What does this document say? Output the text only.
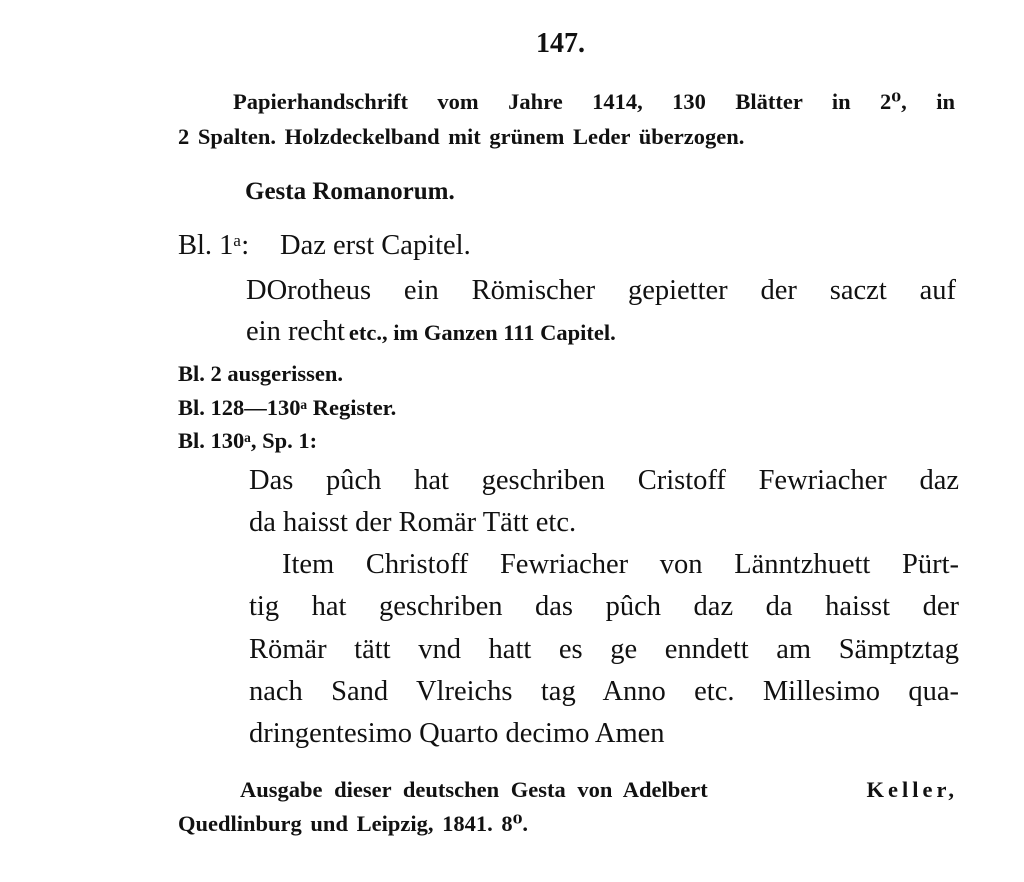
147.
Papierhandschrift vom Jahre 1414, 130 Blätter in 2⁰, in
2 Spalten. Holzdeckelband mit grünem Leder überzogen.
Gesta Romanorum.
Bl. 1ᵃ: Daz erst Capitel.
DOrotheus ein Römischer gepietter der saczt auf
ein recht etc., im Ganzen 111 Capitel.
Bl. 2 ausgerissen.
Bl. 128—130ᵃ Register.
Bl. 130ᵃ, Sp. 1:
Das pûch hat geschriben Cristoff Fewriacher daz
da haisst der Romär Tätt etc.
Item Christoff Fewriacher von Länntzhuett Pürt-
tig hat geschriben das pûch daz da haisst der
Römär tätt vnd hatt es ge enndett am Sämptztag
nach Sand Vlreichs tag Anno etc. Millesimo qua-
dringentesimo Quarto decimo Amen
Ausgabe dieser deutschen Gesta von Adelbert	Keller,
Quedlinburg und Leipzig, 1841. 8⁰.
